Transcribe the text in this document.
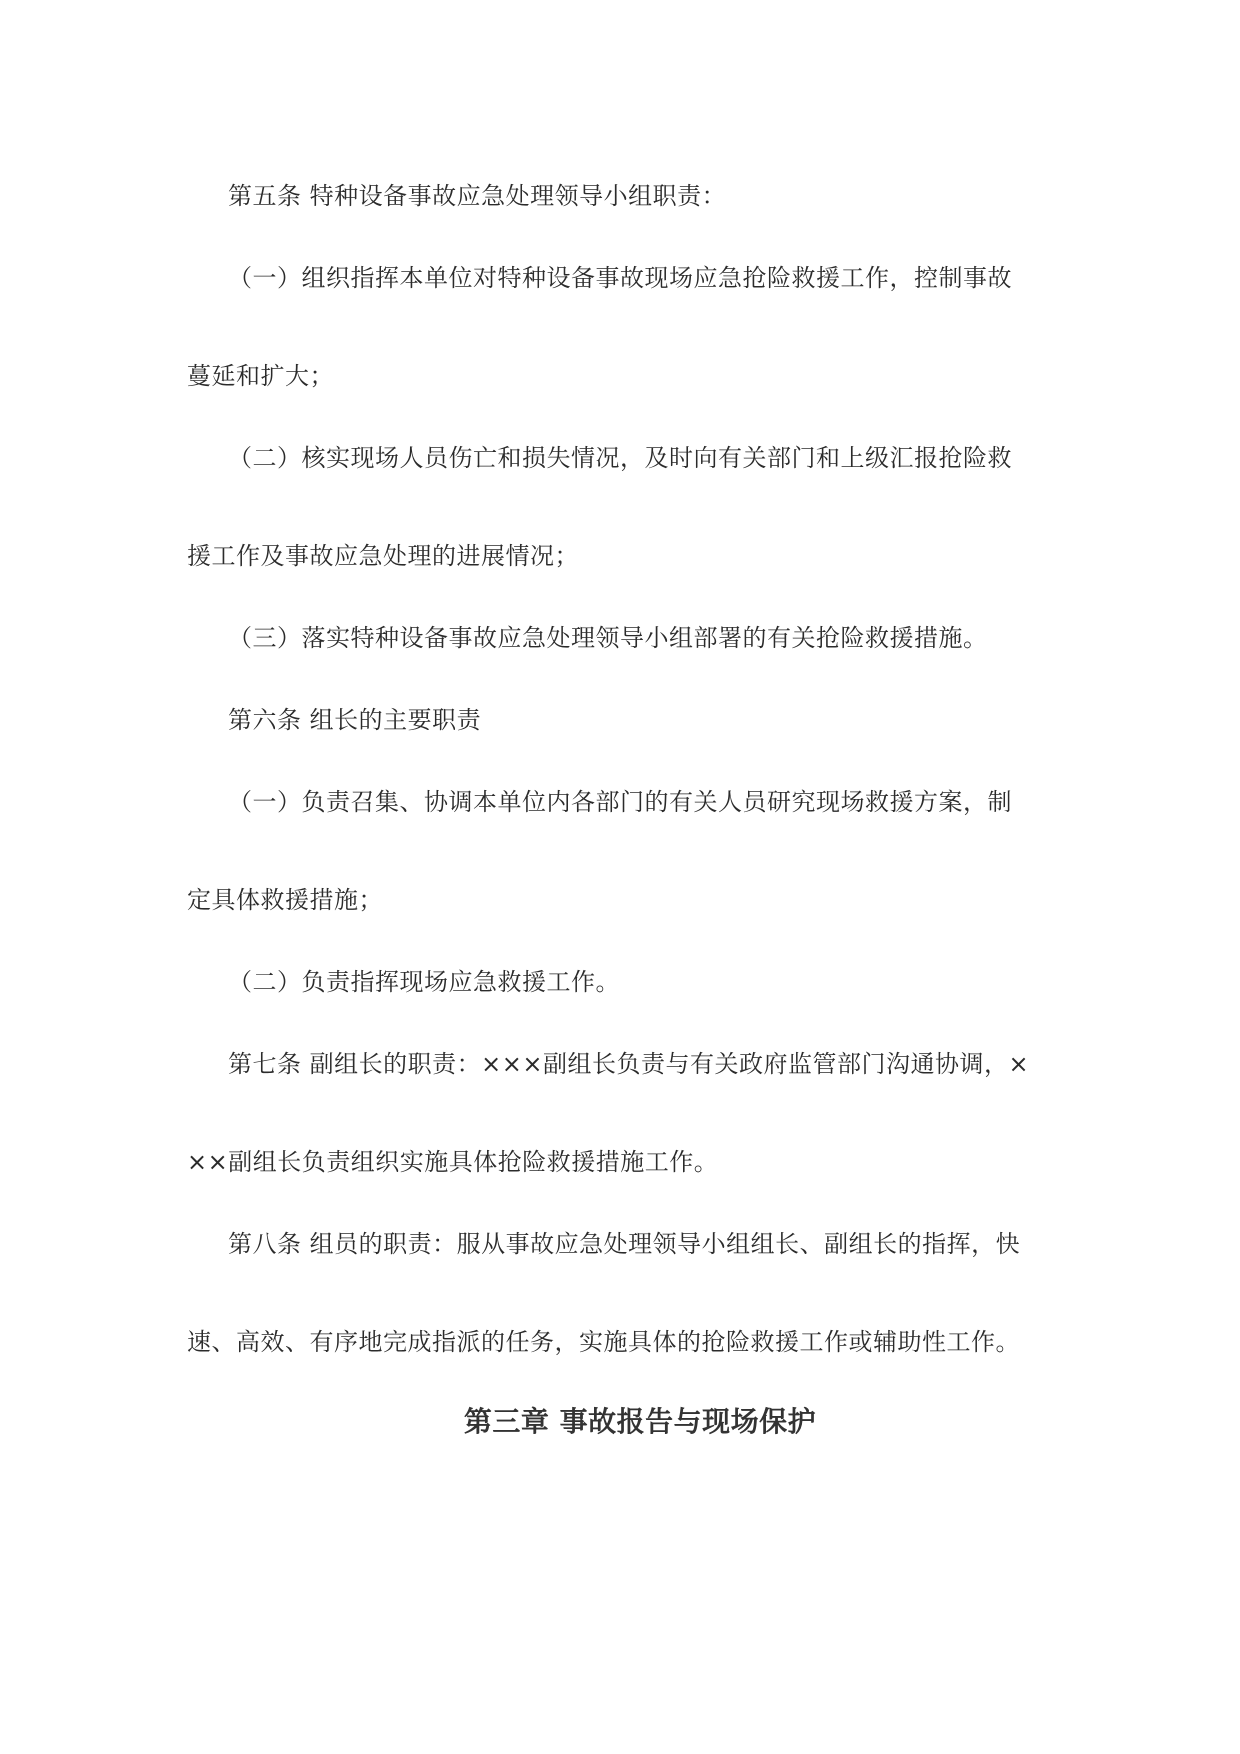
第五条 特种设备事故应急处理领导小组职责：
（一）组织指挥本单位对特种设备事故现场应急抢险救援工作，控制事故
蔓延和扩大；
（二）核实现场人员伤亡和损失情况，及时向有关部门和上级汇报抢险救
援工作及事故应急处理的进展情况；
（三）落实特种设备事故应急处理领导小组部署的有关抢险救援措施。
第六条 组长的主要职责
（一）负责召集、协调本单位内各部门的有关人员研究现场救援方案，制
定具体救援措施；
（二）负责指挥现场应急救援工作。
第七条 副组长的职责：×××副组长负责与有关政府监管部门沟通协调，×
××副组长负责组织实施具体抢险救援措施工作。
第八条 组员的职责：服从事故应急处理领导小组组长、副组长的指挥，快
速、高效、有序地完成指派的任务，实施具体的抢险救援工作或辅助性工作。
第三章 事故报告与现场保护
